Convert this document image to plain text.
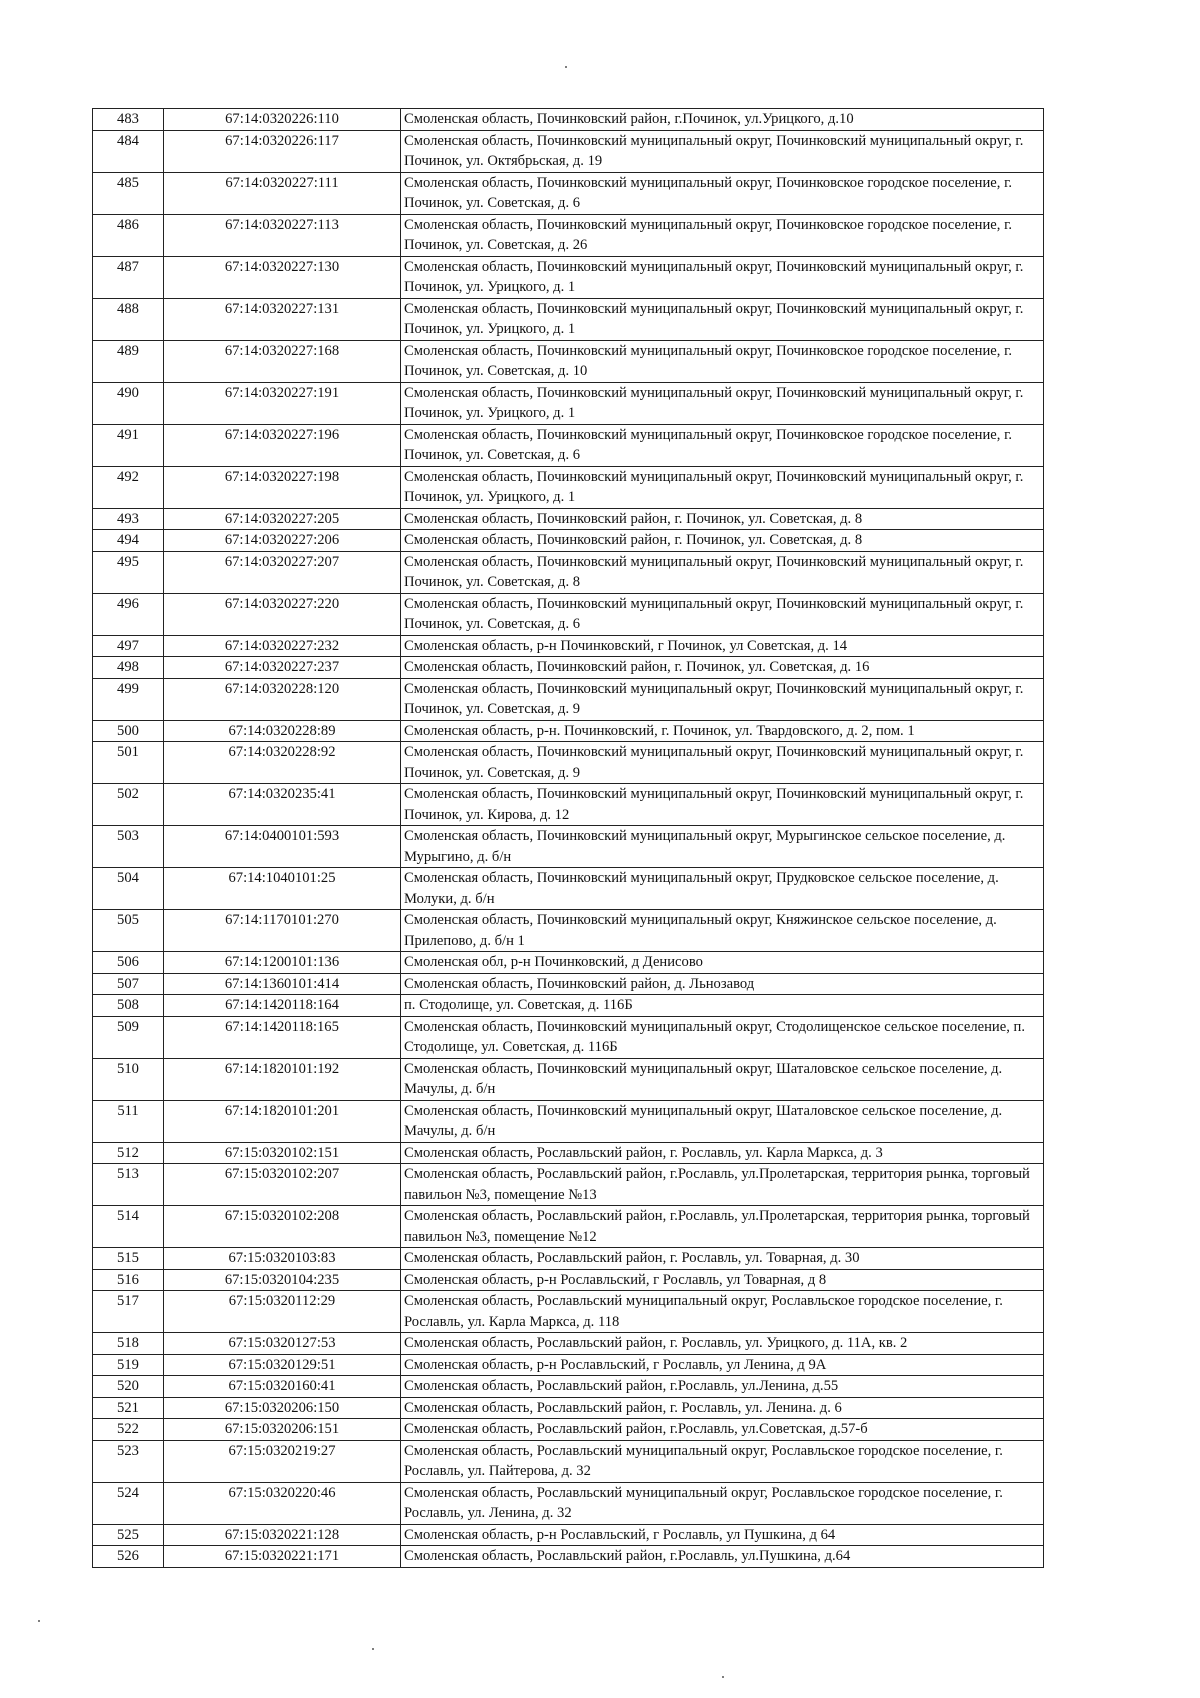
483	67:14:0320226:110	Смоленская область, Починковский район, г.Починок, ул.Урицкого, д.10
484	67:14:0320226:117	Смоленская область, Починковский муниципальный округ, Починковский муниципальный округ, г. Починок, ул. Октябрьская, д. 19
485	67:14:0320227:111	Смоленская область, Починковский муниципальный округ, Починковское городское поселение, г. Починок, ул. Советская, д. 6
486	67:14:0320227:113	Смоленская область, Починковский муниципальный округ, Починковское городское поселение, г. Починок, ул. Советская, д. 26
487	67:14:0320227:130	Смоленская область, Починковский муниципальный округ, Починковский муниципальный округ, г. Починок, ул. Урицкого, д. 1
488	67:14:0320227:131	Смоленская область, Починковский муниципальный округ, Починковский муниципальный округ, г. Починок, ул. Урицкого, д. 1
489	67:14:0320227:168	Смоленская область, Починковский муниципальный округ, Починковское городское поселение, г. Починок, ул. Советская, д. 10
490	67:14:0320227:191	Смоленская область, Починковский муниципальный округ, Починковский муниципальный округ, г. Починок, ул. Урицкого, д. 1
491	67:14:0320227:196	Смоленская область, Починковский муниципальный округ, Починковское городское поселение, г. Починок, ул. Советская, д. 6
492	67:14:0320227:198	Смоленская область, Починковский муниципальный округ, Починковский муниципальный округ, г. Починок, ул. Урицкого, д. 1
493	67:14:0320227:205	Смоленская область, Починковский район, г. Починок, ул. Советская, д. 8
494	67:14:0320227:206	Смоленская область, Починковский район, г. Починок, ул. Советская, д. 8
495	67:14:0320227:207	Смоленская область, Починковский муниципальный округ, Починковский муниципальный округ, г. Починок, ул. Советская, д. 8
496	67:14:0320227:220	Смоленская область, Починковский муниципальный округ, Починковский муниципальный округ, г. Починок, ул. Советская, д. 6
497	67:14:0320227:232	Смоленская область, р-н Починковский, г Починок, ул Советская, д. 14
498	67:14:0320227:237	Смоленская область, Починковский район, г. Починок, ул. Советская, д. 16
499	67:14:0320228:120	Смоленская область, Починковский муниципальный округ, Починковский муниципальный округ, г. Починок, ул. Советская, д. 9
500	67:14:0320228:89	Смоленская область, р-н. Починковский, г. Починок, ул. Твардовского, д. 2, пом. 1
501	67:14:0320228:92	Смоленская область, Починковский муниципальный округ, Починковский муниципальный округ, г. Починок, ул. Советская, д. 9
502	67:14:0320235:41	Смоленская область, Починковский муниципальный округ, Починковский муниципальный округ, г. Починок, ул. Кирова, д. 12
503	67:14:0400101:593	Смоленская область, Починковский муниципальный округ, Мурыгинское сельское поселение, д. Мурыгино, д. б/н
504	67:14:1040101:25	Смоленская область, Починковский муниципальный округ, Прудковское сельское поселение, д. Молуки, д. б/н
505	67:14:1170101:270	Смоленская область, Починковский муниципальный округ, Княжинское сельское поселение, д. Прилепово, д. б/н 1
506	67:14:1200101:136	Смоленская обл, р-н Починковский, д Денисово
507	67:14:1360101:414	Смоленская область, Починковский район, д. Льнозавод
508	67:14:1420118:164	п. Стодолище, ул. Советская, д. 116Б
509	67:14:1420118:165	Смоленская область, Починковский муниципальный округ, Стодолищенское сельское поселение, п. Стодолище, ул. Советская, д. 116Б
510	67:14:1820101:192	Смоленская область, Починковский муниципальный округ, Шаталовское сельское поселение, д. Мачулы, д. б/н
511	67:14:1820101:201	Смоленская область, Починковский муниципальный округ, Шаталовское сельское поселение, д. Мачулы, д. б/н
512	67:15:0320102:151	Смоленская область, Рославльский район, г. Рославль, ул. Карла Маркса, д. 3
513	67:15:0320102:207	Смоленская область, Рославльский район, г.Рославль, ул.Пролетарская, территория рынка, торговый павильон №3, помещение №13
514	67:15:0320102:208	Смоленская область, Рославльский район, г.Рославль, ул.Пролетарская, территория рынка, торговый павильон №3, помещение №12
515	67:15:0320103:83	Смоленская область, Рославльский район, г. Рославль, ул. Товарная, д. 30
516	67:15:0320104:235	Смоленская область, р-н Рославльский, г Рославль, ул Товарная, д 8
517	67:15:0320112:29	Смоленская область, Рославльский муниципальный округ, Рославльское городское поселение, г. Рославль, ул. Карла Маркса, д. 118
518	67:15:0320127:53	Смоленская область, Рославльский район, г. Рославль, ул. Урицкого, д. 11А, кв. 2
519	67:15:0320129:51	Смоленская область, р-н Рославльский, г Рославль, ул Ленина, д 9А
520	67:15:0320160:41	Смоленская область, Рославльский район, г.Рославль, ул.Ленина, д.55
521	67:15:0320206:150	Смоленская область, Рославльский район, г. Рославль, ул. Ленина. д. 6
522	67:15:0320206:151	Смоленская область, Рославльский район, г.Рославль, ул.Советская, д.57-б
523	67:15:0320219:27	Смоленская область, Рославльский муниципальный округ, Рославльское городское поселение, г. Рославль, ул. Пайтерова, д. 32
524	67:15:0320220:46	Смоленская область, Рославльский муниципальный округ, Рославльское городское поселение, г. Рославль, ул. Ленина, д. 32
525	67:15:0320221:128	Смоленская область, р-н Рославльский, г Рославль, ул Пушкина, д 64
526	67:15:0320221:171	Смоленская область, Рославльский район, г.Рославль, ул.Пушкина, д.64
